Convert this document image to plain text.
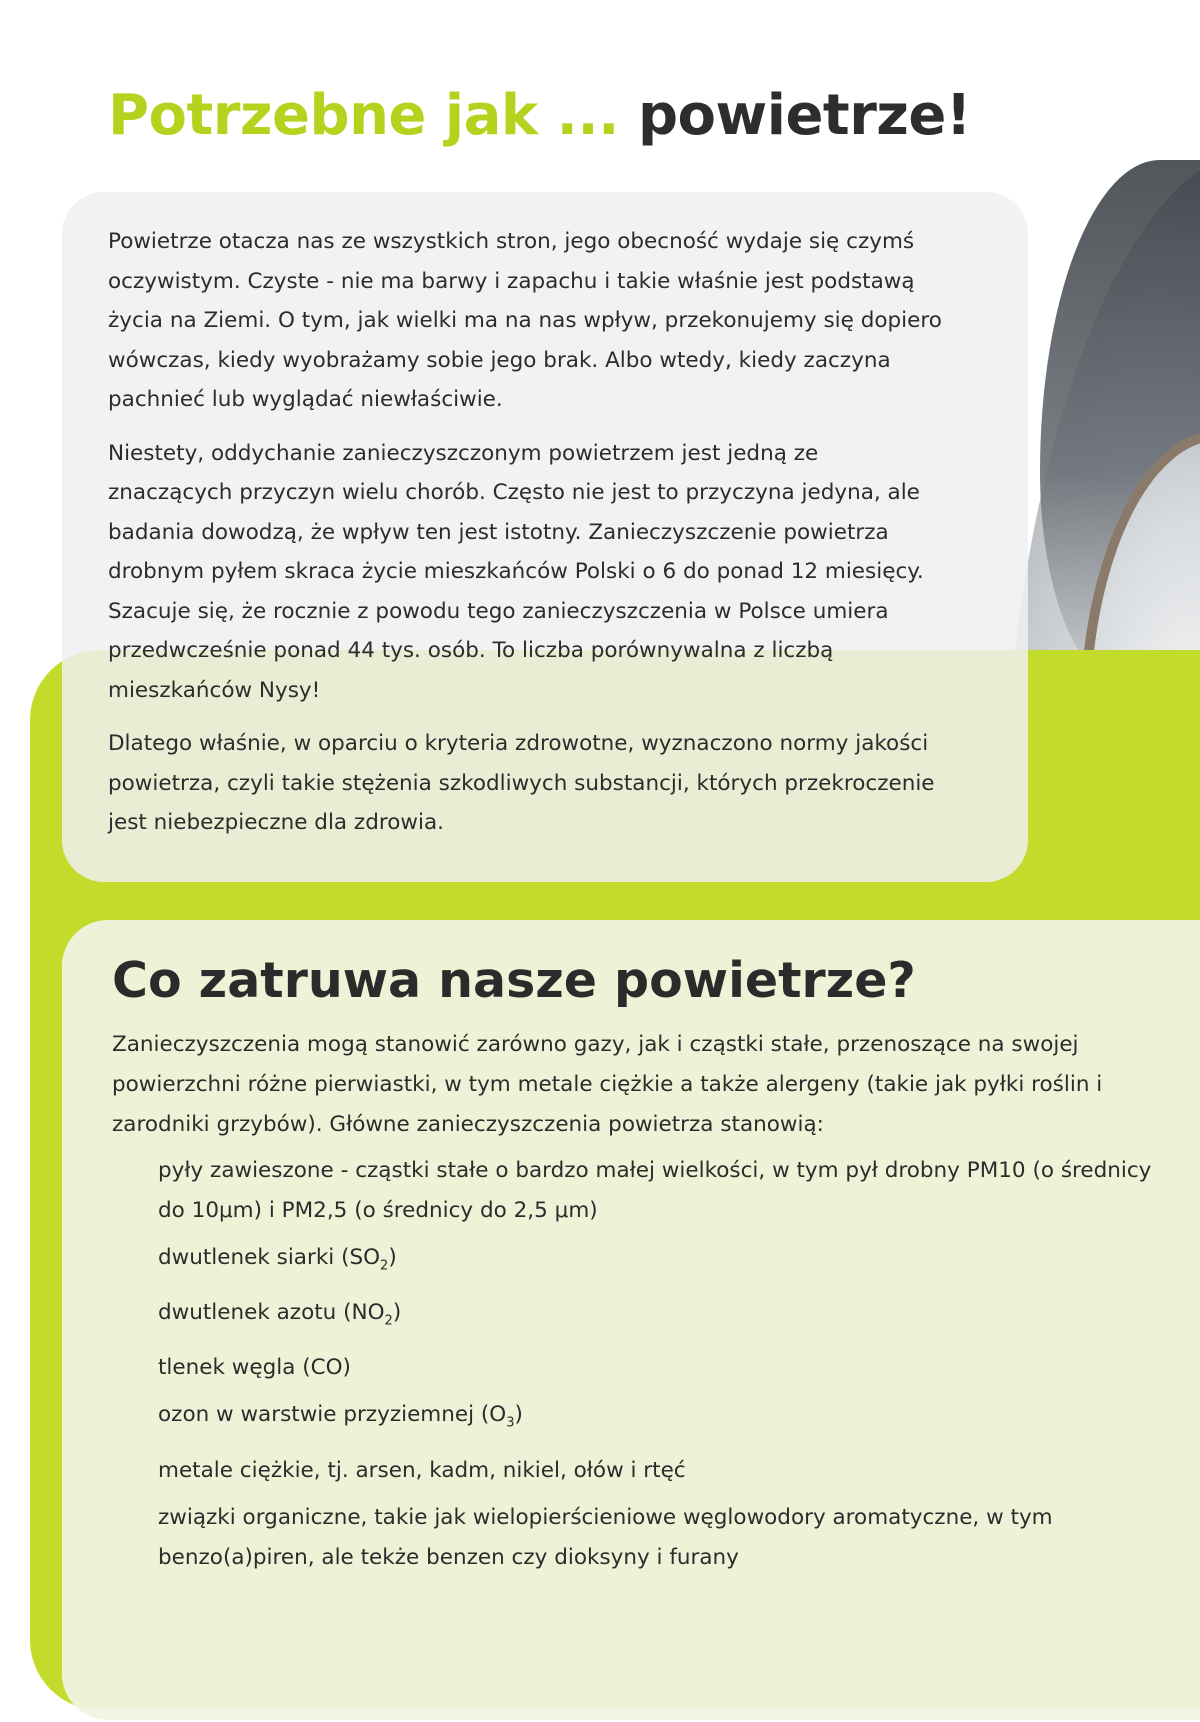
Potrzebne jak ... powietrze!

Powietrze otacza nas ze wszystkich stron, jego obecność wydaje się czymś oczywistym. Czyste - nie ma barwy i zapachu i takie właśnie jest podstawą życia na Ziemi. O tym, jak wielki ma na nas wpływ, przekonujemy się dopiero wówczas, kiedy wyobrażamy sobie jego brak. Albo wtedy, kiedy zaczyna pachnieć lub wyglądać niewłaściwie.

Niestety, oddychanie zanieczyszczonym powietrzem jest jedną ze znaczących przyczyn wielu chorób. Często nie jest to przyczyna jedyna, ale badania dowodzą, że wpływ ten jest istotny. Zanieczyszczenie powietrza drobnym pyłem skraca życie mieszkańców Polski o 6 do ponad 12 miesięcy. Szacuje się, że rocznie z powodu tego zanieczyszczenia w Polsce umiera przedwcześnie ponad 44 tys. osób. To liczba porównywalna z liczbą mieszkańców Nysy!

Dlatego właśnie, w oparciu o kryteria zdrowotne, wyznaczono normy jakości powietrza, czyli takie stężenia szkodliwych substancji, których przekroczenie jest niebezpieczne dla zdrowia.

Co zatruwa nasze powietrze?

Zanieczyszczenia mogą stanowić zarówno gazy, jak i cząstki stałe, przenoszące na swojej powierzchni różne pierwiastki, w tym metale ciężkie a także alergeny (takie jak pyłki roślin i zarodniki grzybów). Główne zanieczyszczenia powietrza stanowią:

pyły zawieszone - cząstki stałe o bardzo małej wielkości, w tym pył drobny PM10 (o średnicy do 10μm) i PM2,5 (o średnicy do 2,5 μm)
dwutlenek siarki $(SO_2)$
dwutlenek azotu $(NO_2)$
tlenek węgla (CO)
ozon w warstwie przyziemnej $(O_3)$
metale ciężkie, tj. arsen, kadm, nikiel, ołów i rtęć
związki organiczne, takie jak wielopierścieniowe węglowodory aromatyczne, w tym benzo(a)piren, ale tekże benzen czy dioksyny i furany
